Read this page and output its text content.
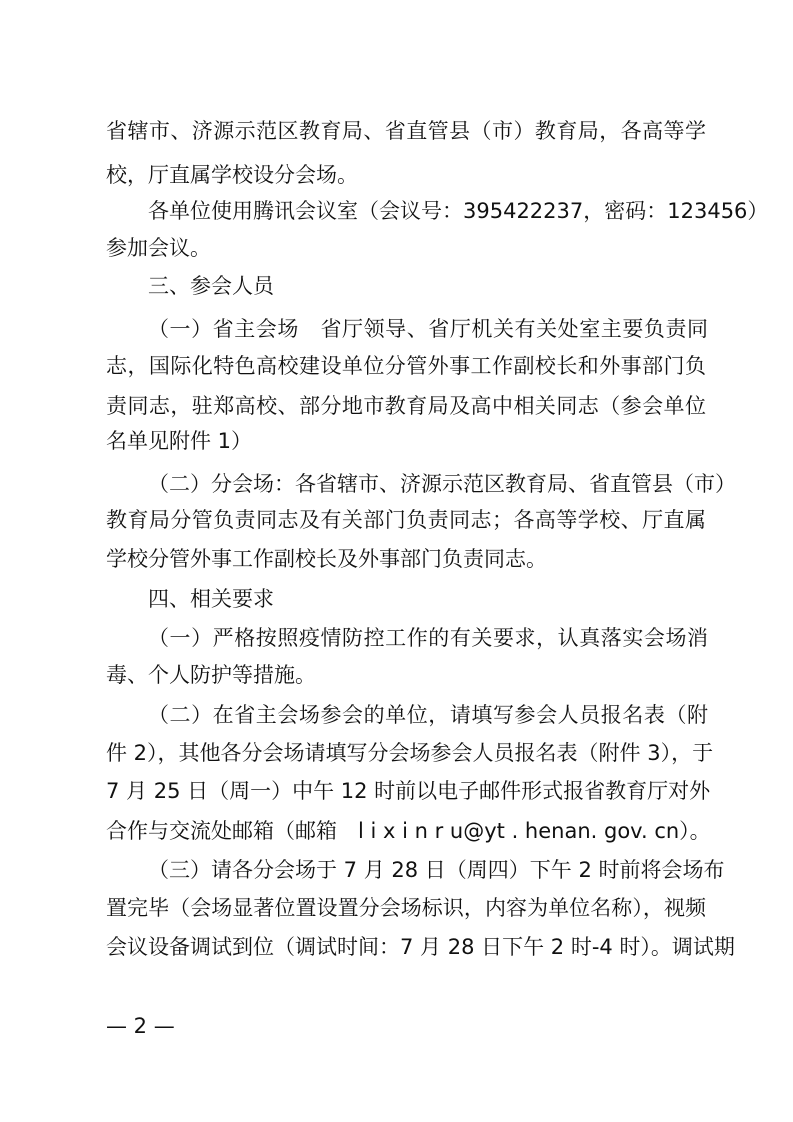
省辖市、济源示范区教育局、省直管县（市）教育局，各高等学
校，厅直属学校设分会场。
各单位使用腾讯会议室（会议号：395422237，密码：123456）
参加会议。
三、参会人员
（一）省主会场　省厅领导、省厅机关有关处室主要负责同
志，国际化特色高校建设单位分管外事工作副校长和外事部门负
责同志，驻郑高校、部分地市教育局及高中相关同志（参会单位
名单见附件 1）
（二）分会场：各省辖市、济源示范区教育局、省直管县（市）
教育局分管负责同志及有关部门负责同志；各高等学校、厅直属
学校分管外事工作副校长及外事部门负责同志。
四、相关要求
（一）严格按照疫情防控工作的有关要求，认真落实会场消
毒、个人防护等措施。
（二）在省主会场参会的单位，请填写参会人员报名表（附
件 2），其他各分会场请填写分会场参会人员报名表（附件 3），于
7 月 25 日（周一）中午 12 时前以电子邮件形式报省教育厅对外
合作与交流处邮箱（邮箱　l i x i n r u@yt . henan. gov. cn）。
（三）请各分会场于 7 月 28 日（周四）下午 2 时前将会场布
置完毕（会场显著位置设置分会场标识，内容为单位名称），视频
会议设备调试到位（调试时间：7 月 28 日下午 2 时-4 时）。调试期
— 2 —
